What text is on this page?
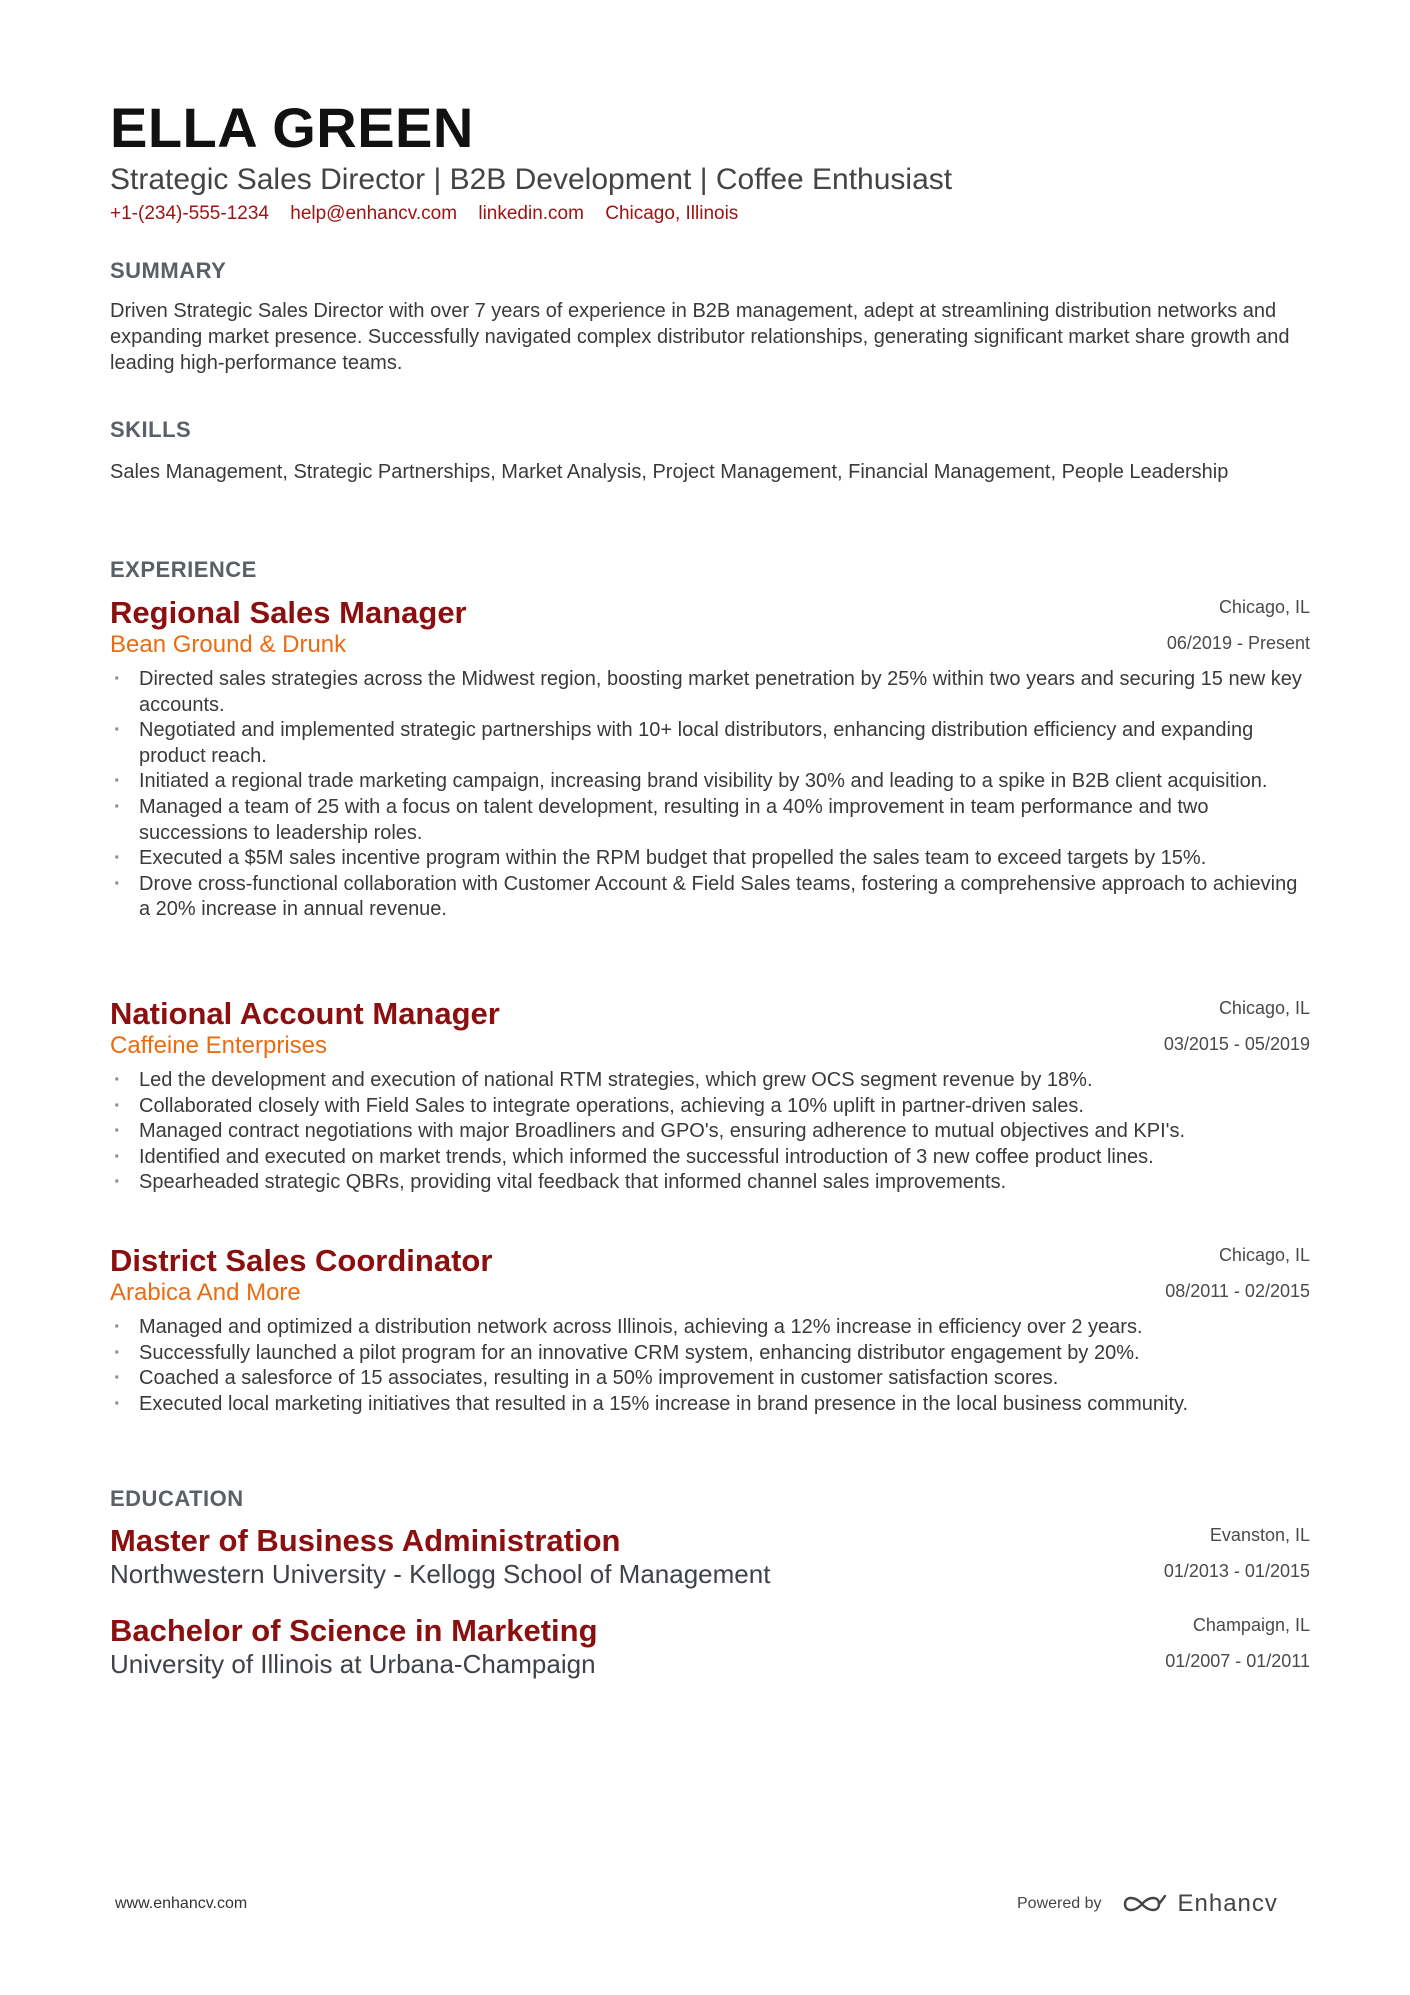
ELLA GREEN
Strategic Sales Director | B2B Development | Coffee Enthusiast
+1-(234)-555-1234 help@enhancv.com linkedin.com Chicago, Illinois
SUMMARY

Driven Strategic Sales Director with over 7 years of experience in B2B management, adept at streamlining distribution networks and expanding market presence. Successfully navigated complex distributor relationships, generating significant market share growth and leading high-performance teams.

SKILLS

Sales Management, Strategic Partnerships, Market Analysis, Project Management, Financial Management, People Leadership

EXPERIENCE
Regional Sales Manager
Bean Ground & Drunk
Chicago, IL
06/2019 - Present
· Directed sales strategies across the Midwest region, boosting market penetration by 25% within two years and securing 15 new key accounts.
· Negotiated and implemented strategic partnerships with 10+ local distributors, enhancing distribution efficiency and expanding product reach.
· Initiated a regional trade marketing campaign, increasing brand visibility by 30% and leading to a spike in B2B client acquisition.
· Managed a team of 25 with a focus on talent development, resulting in a 40% improvement in team performance and two successions to leadership roles.
· Executed a $5M sales incentive program within the RPM budget that propelled the sales team to exceed targets by 15%.
· Drove cross-functional collaboration with Customer Account & Field Sales teams, fostering a comprehensive approach to achieving a 20% increase in annual revenue.
National Account Manager
Caffeine Enterprises
Chicago, IL
03/2015 - 05/2019
· Led the development and execution of national RTM strategies, which grew OCS segment revenue by 18%.
· Collaborated closely with Field Sales to integrate operations, achieving a 10% uplift in partner-driven sales.
· Managed contract negotiations with major Broadliners and GPO's, ensuring adherence to mutual objectives and KPI's.
· Identified and executed on market trends, which informed the successful introduction of 3 new coffee product lines.
· Spearheaded strategic QBRs, providing vital feedback that informed channel sales improvements.
District Sales Coordinator
Arabica And More
Chicago, IL
08/2011 - 02/2015
· Managed and optimized a distribution network across Illinois, achieving a 12% increase in efficiency over 2 years.
· Successfully launched a pilot program for an innovative CRM system, enhancing distributor engagement by 20%.
· Coached a salesforce of 15 associates, resulting in a 50% improvement in customer satisfaction scores.
· Executed local marketing initiatives that resulted in a 15% increase in brand presence in the local business community.
EDUCATION
Master of Business Administration
Northwestern University - Kellogg School of Management
Evanston, IL
01/2013 - 01/2015
Bachelor of Science in Marketing
University of Illinois at Urbana-Champaign
Champaign, IL
01/2007 - 01/2011
www.enhancv.com	Powered by	Enhancv
